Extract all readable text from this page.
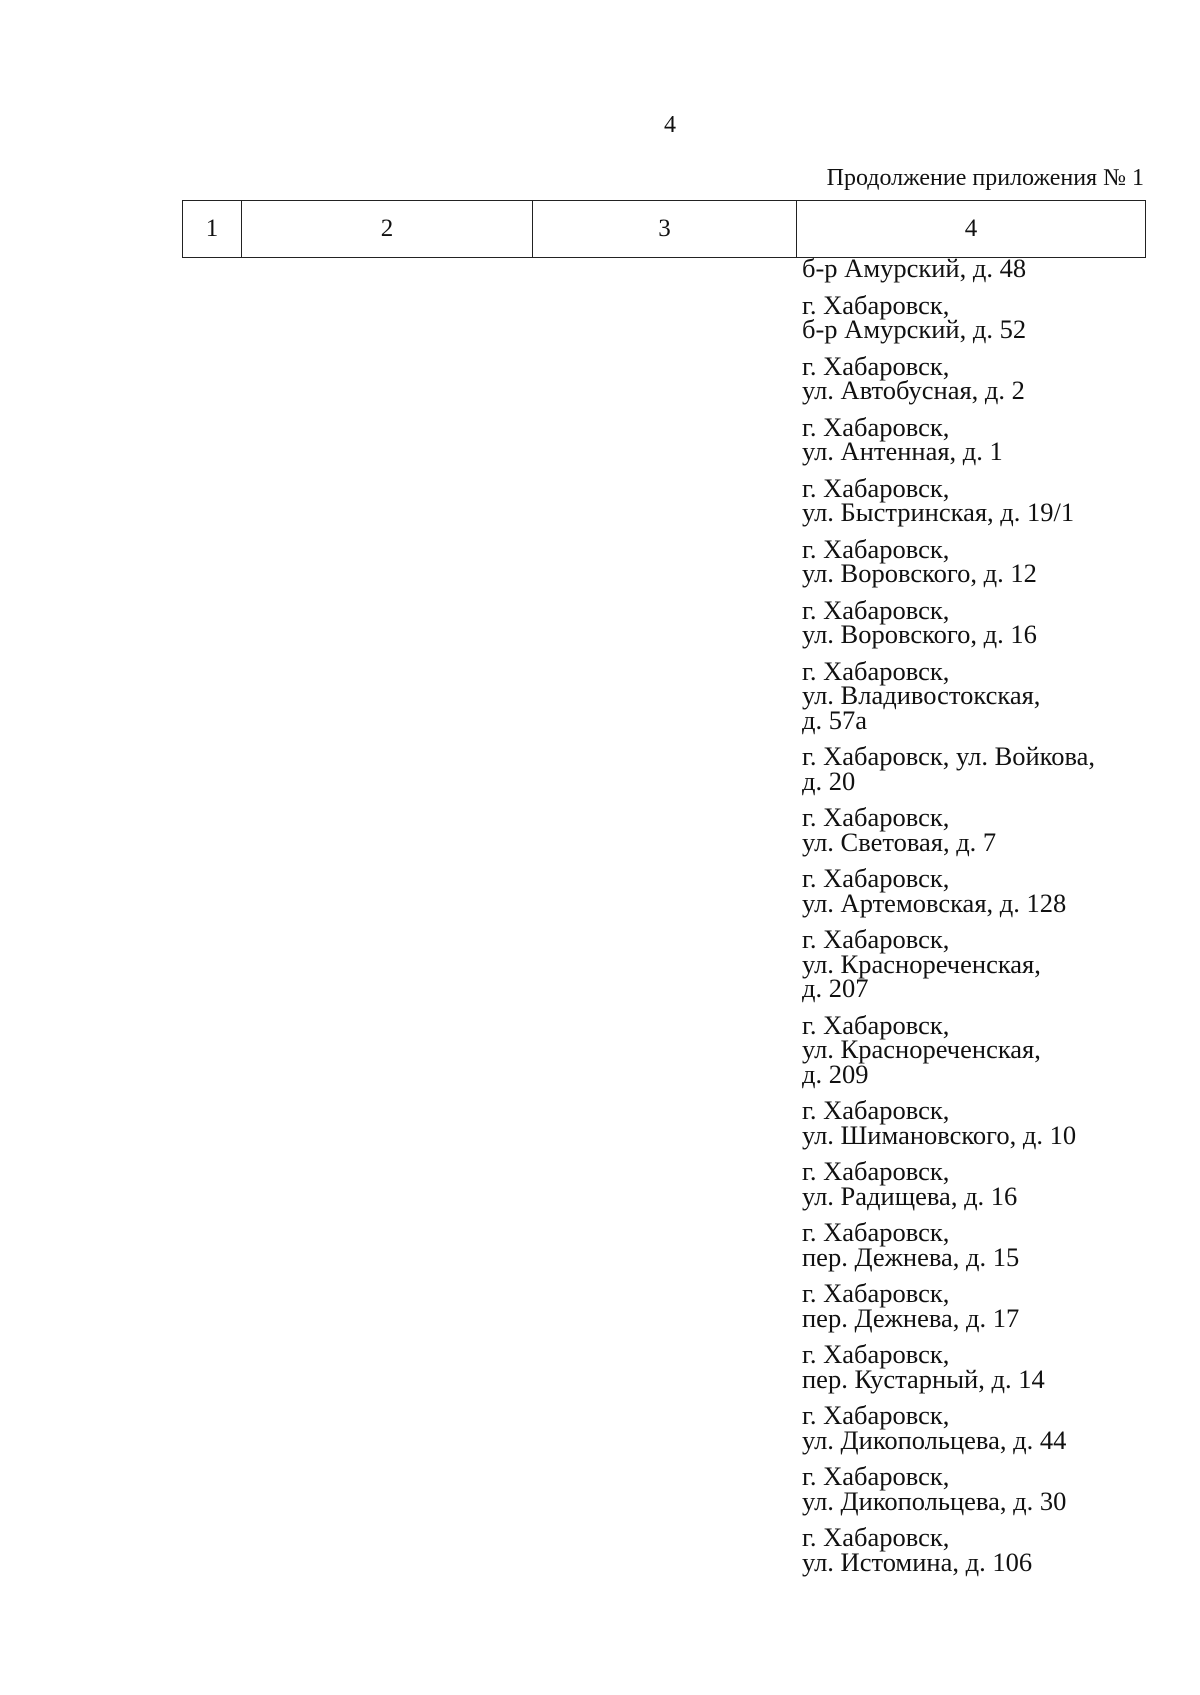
4
Продолжение приложения № 1
1	2	3	4
б-р Амурский, д. 48
г. Хабаровск,
б-р Амурский, д. 52
г. Хабаровск,
ул. Автобусная, д. 2
г. Хабаровск,
ул. Антенная, д. 1
г. Хабаровск,
ул. Быстринская, д. 19/1
г. Хабаровск,
ул. Воровского, д. 12
г. Хабаровск,
ул. Воровского, д. 16
г. Хабаровск,
ул. Владивостокская,
д. 57а
г. Хабаровск, ул. Войкова,
д. 20
г. Хабаровск,
ул. Световая, д. 7
г. Хабаровск,
ул. Артемовская, д. 128
г. Хабаровск,
ул. Краснореченская,
д. 207
г. Хабаровск,
ул. Краснореченская,
д. 209
г. Хабаровск,
ул. Шимановского, д. 10
г. Хабаровск,
ул. Радищева, д. 16
г. Хабаровск,
пер. Дежнева, д. 15
г. Хабаровск,
пер. Дежнева, д. 17
г. Хабаровск,
пер. Кустарный, д. 14
г. Хабаровск,
ул. Дикопольцева, д. 44
г. Хабаровск,
ул. Дикопольцева, д. 30
г. Хабаровск,
ул. Истомина, д. 106
